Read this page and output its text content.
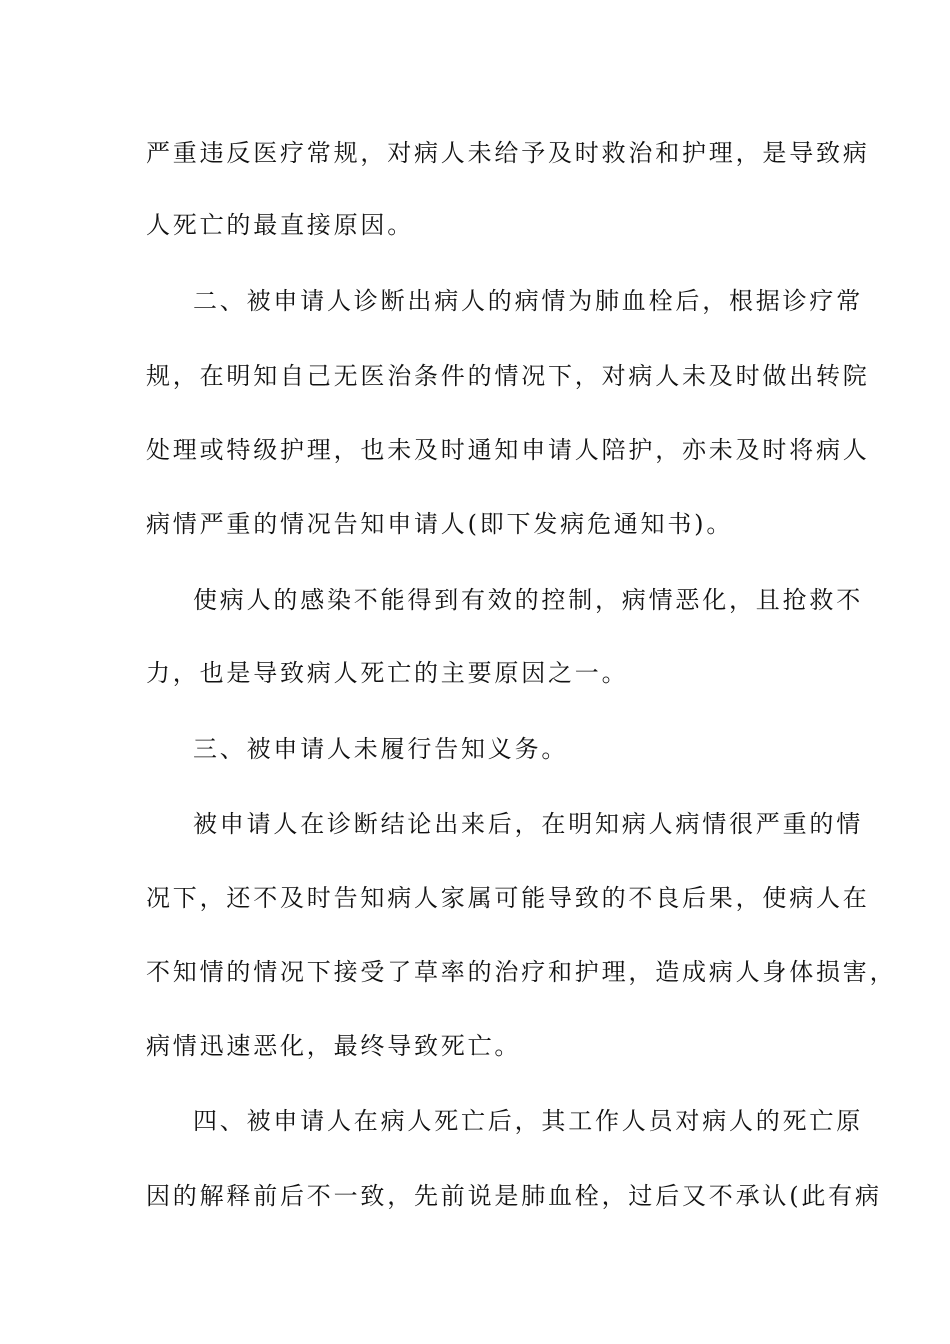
严重违反医疗常规，对病人未给予及时救治和护理，是导致病

人死亡的最直接原因。

二、被申请人诊断出病人的病情为肺血栓后，根据诊疗常

规，在明知自己无医治条件的情况下，对病人未及时做出转院

处理或特级护理，也未及时通知申请人陪护，亦未及时将病人

病情严重的情况告知申请人(即下发病危通知书)。

使病人的感染不能得到有效的控制，病情恶化，且抢救不

力，也是导致病人死亡的主要原因之一。

三、被申请人未履行告知义务。

被申请人在诊断结论出来后，在明知病人病情很严重的情

况下，还不及时告知病人家属可能导致的不良后果，使病人在

不知情的情况下接受了草率的治疗和护理，造成病人身体损害，

病情迅速恶化，最终导致死亡。

四、被申请人在病人死亡后，其工作人员对病人的死亡原

因的解释前后不一致，先前说是肺血栓，过后又不承认(此有病
